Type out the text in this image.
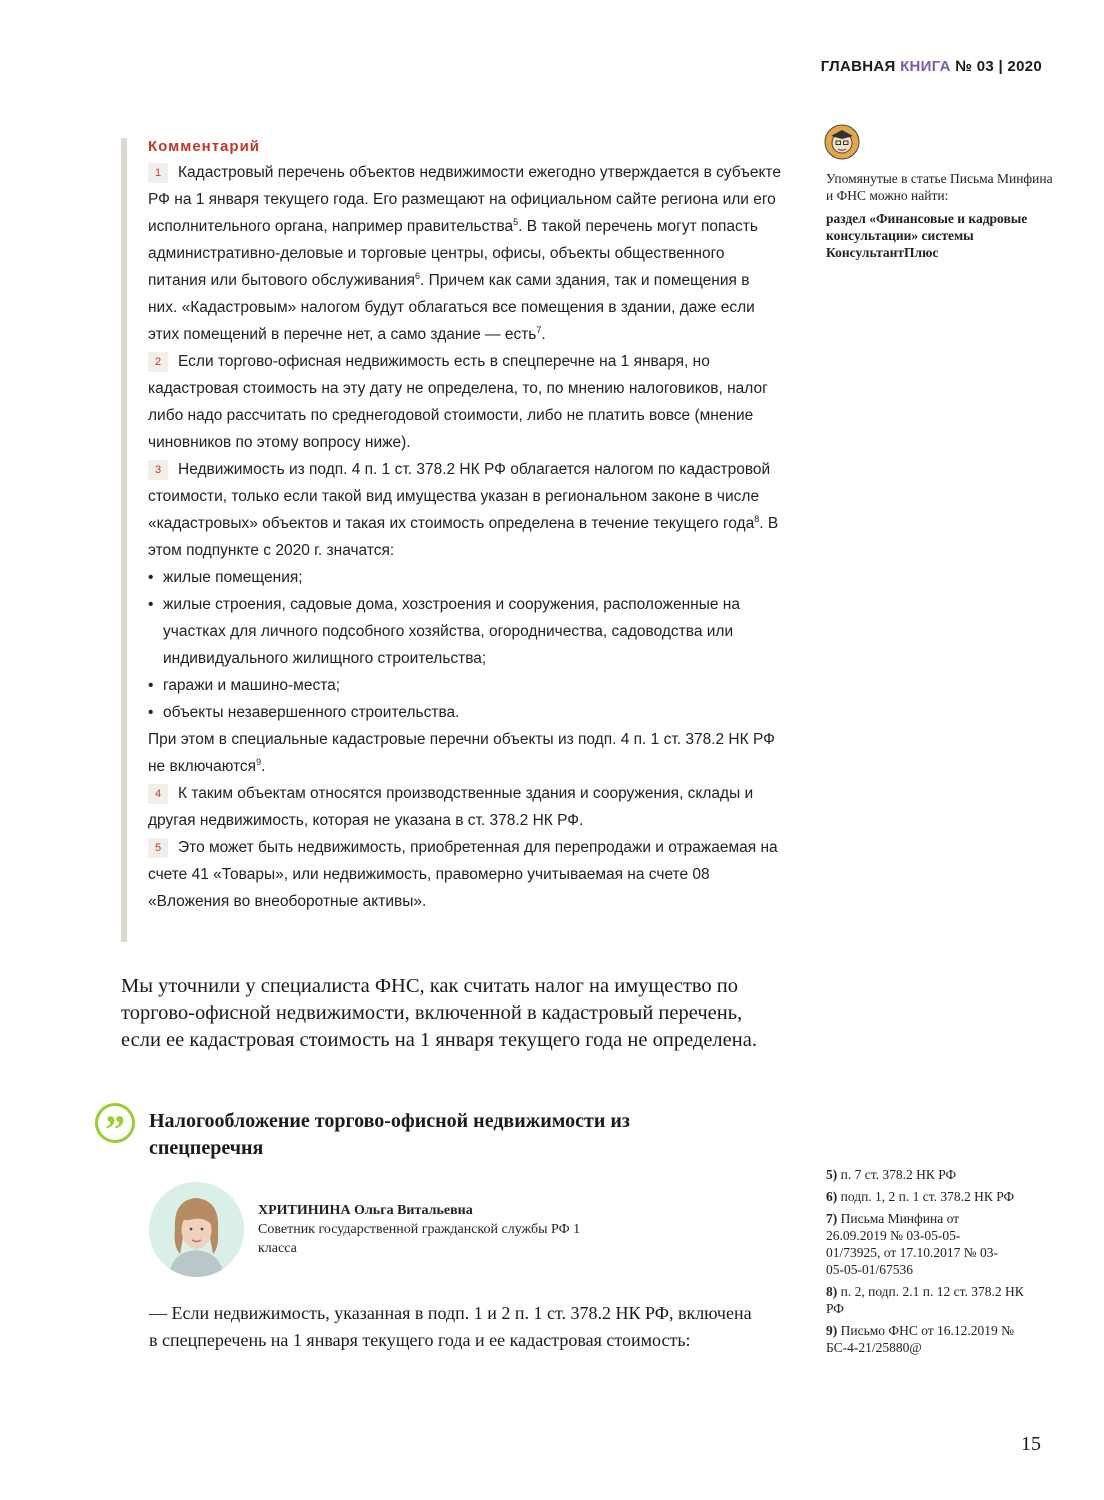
ГЛАВНАЯ КНИГА № 03 | 2020
Комментарий

1 Кадастровый перечень объектов недвижимости ежегодно утверждается в субъекте РФ на 1 января текущего года. Его размещают на официальном сайте региона или его исполнительного органа, например правительства$^5$. В такой перечень могут попасть административно-деловые и торговые центры, офисы, объекты общественного питания или бытового обслуживания$^6$. Причем как сами здания, так и помещения в них. «Кадастровым» налогом будут облагаться все помещения в здании, даже если этих помещений в перечне нет, а само здание — есть$^7$.

2 Если торгово-офисная недвижимость есть в спецперечне на 1 января, но кадастровая стоимость на эту дату не определена, то, по мнению налоговиков, налог либо надо рассчитать по среднегодовой стоимости, либо не платить вовсе (мнение чиновников по этому вопросу ниже).

3 Недвижимость из подп. 4 п. 1 ст. 378.2 НК РФ облагается налогом по кадастровой стоимости, только если такой вид имущества указан в региональном законе в числе «кадастровых» объектов и такая их стоимость определена в течение текущего года$^8$. В этом подпункте с 2020 г. значатся:

• жилые помещения;
• жилые строения, садовые дома, хозстроения и сооружения, расположенные на участках для личного подсобного хозяйства, огородничества, садоводства или индивидуального жилищного строительства;
• гаражи и машино-места;
• объекты незавершенного строительства.

При этом в специальные кадастровые перечни объекты из подп. 4 п. 1 ст. 378.2 НК РФ не включаются$^9$.

4 К таким объектам относятся производственные здания и сооружения, склады и другая недвижимость, которая не указана в ст. 378.2 НК РФ.

5 Это может быть недвижимость, приобретенная для перепродажи и отражаемая на счете 41 «Товары», или недвижимость, правомерно учитываемая на счете 08 «Вложения во внеоборотные активы».

Мы уточнили у специалиста ФНС, как считать налог на имущество по торгово-офисной недвижимости, включенной в кадастровый перечень, если ее кадастровая стоимость на 1 января текущего года не определена.

” Налогообложение торгово-офисной недвижимости из спецперечня
ХРИТИНИНА Ольга Витальевна
Советник государственной гражданской службы РФ 1 класса
— Если недвижимость, указанная в подп. 1 и 2 п. 1 ст. 378.2 НК РФ, включена в спецперечень на 1 января текущего года и ее кадастровая стоимость:
Упомянутые в статье Письма Минфина и ФНС можно найти:
раздел «Финансовые и кадровые консультации» системы КонсультантПлюс
5) п. 7 ст. 378.2 НК РФ
6) подп. 1, 2 п. 1 ст. 378.2 НК РФ
7) Письма Минфина от 26.09.2019 № 03-05-05-01/73925, от 17.10.2017 № 03-05-05-01/67536
8) п. 2, подп. 2.1 п. 12 ст. 378.2 НК РФ
9) Письмо ФНС от 16.12.2019 № БС-4-21/25880@
15
